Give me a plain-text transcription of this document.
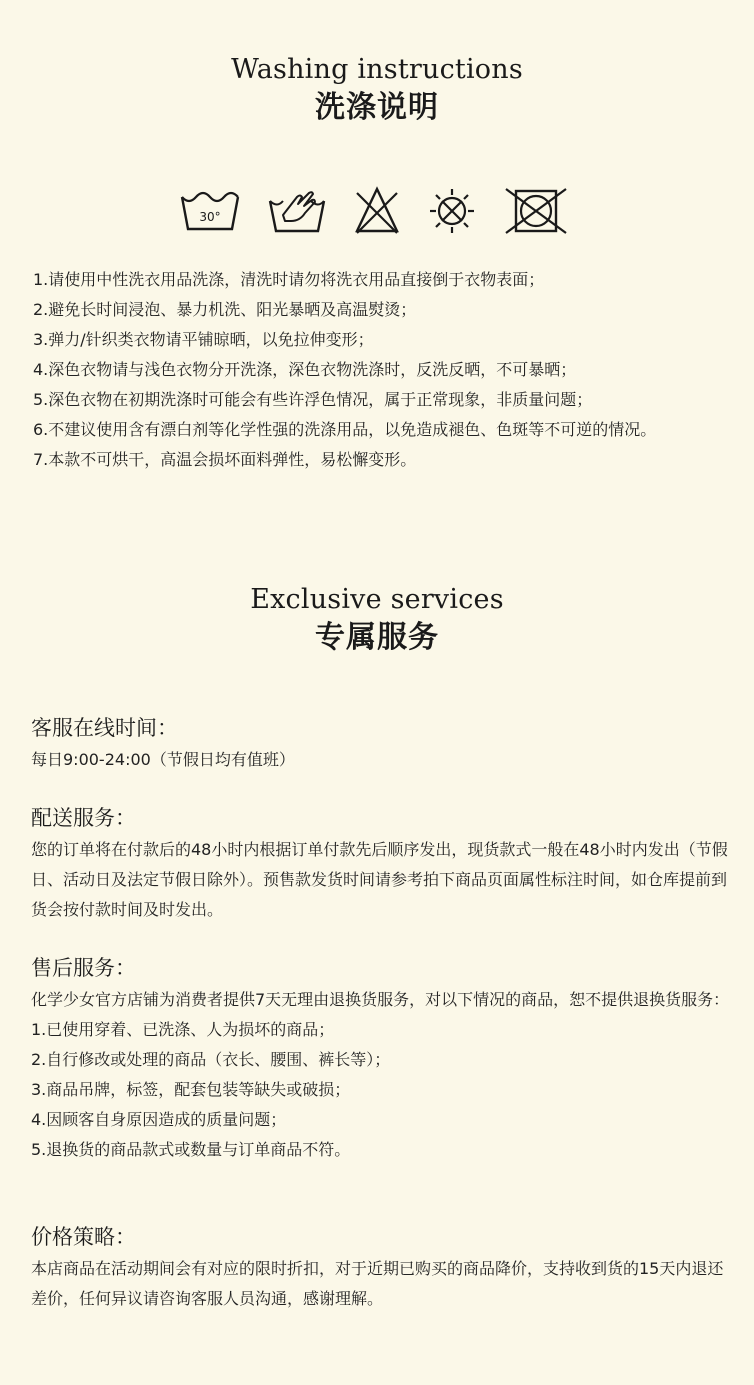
Washing instructions
洗涤说明
30°
1.请使用中性洗衣用品洗涤，清洗时请勿将洗衣用品直接倒于衣物表面；
2.避免长时间浸泡、暴力机洗、阳光暴晒及高温熨烫；
3.弹力/针织类衣物请平铺晾晒，以免拉伸变形；
4.深色衣物请与浅色衣物分开洗涤，深色衣物洗涤时，反洗反晒，不可暴晒；
5.深色衣物在初期洗涤时可能会有些许浮色情况，属于正常现象，非质量问题；
6.不建议使用含有漂白剂等化学性强的洗涤用品，以免造成褪色、色斑等不可逆的情况。
7.本款不可烘干，高温会损坏面料弹性，易松懈变形。
Exclusive services
专属服务
客服在线时间：
每日9:00-24:00（节假日均有值班）
配送服务：

您的订单将在付款后的48小时内根据订单付款先后顺序发出，现货款式一般在48小时内发出（节假日、活动日及法定节假日除外）。预售款发货时间请参考拍下商品页面属性标注时间，如仓库提前到货会按付款时间及时发出。

售后服务：

化学少女官方店铺为消费者提供7天无理由退换货服务，对以下情况的商品，恕不提供退换货服务：

1.已使用穿着、已洗涤、人为损坏的商品；
2.自行修改或处理的商品（衣长、腰围、裤长等）；
3.商品吊牌，标签，配套包装等缺失或破损；
4.因顾客自身原因造成的质量问题；
5.退换货的商品款式或数量与订单商品不符。
价格策略：

本店商品在活动期间会有对应的限时折扣，对于近期已购买的商品降价，支持收到货的15天内退还差价，任何异议请咨询客服人员沟通，感谢理解。
